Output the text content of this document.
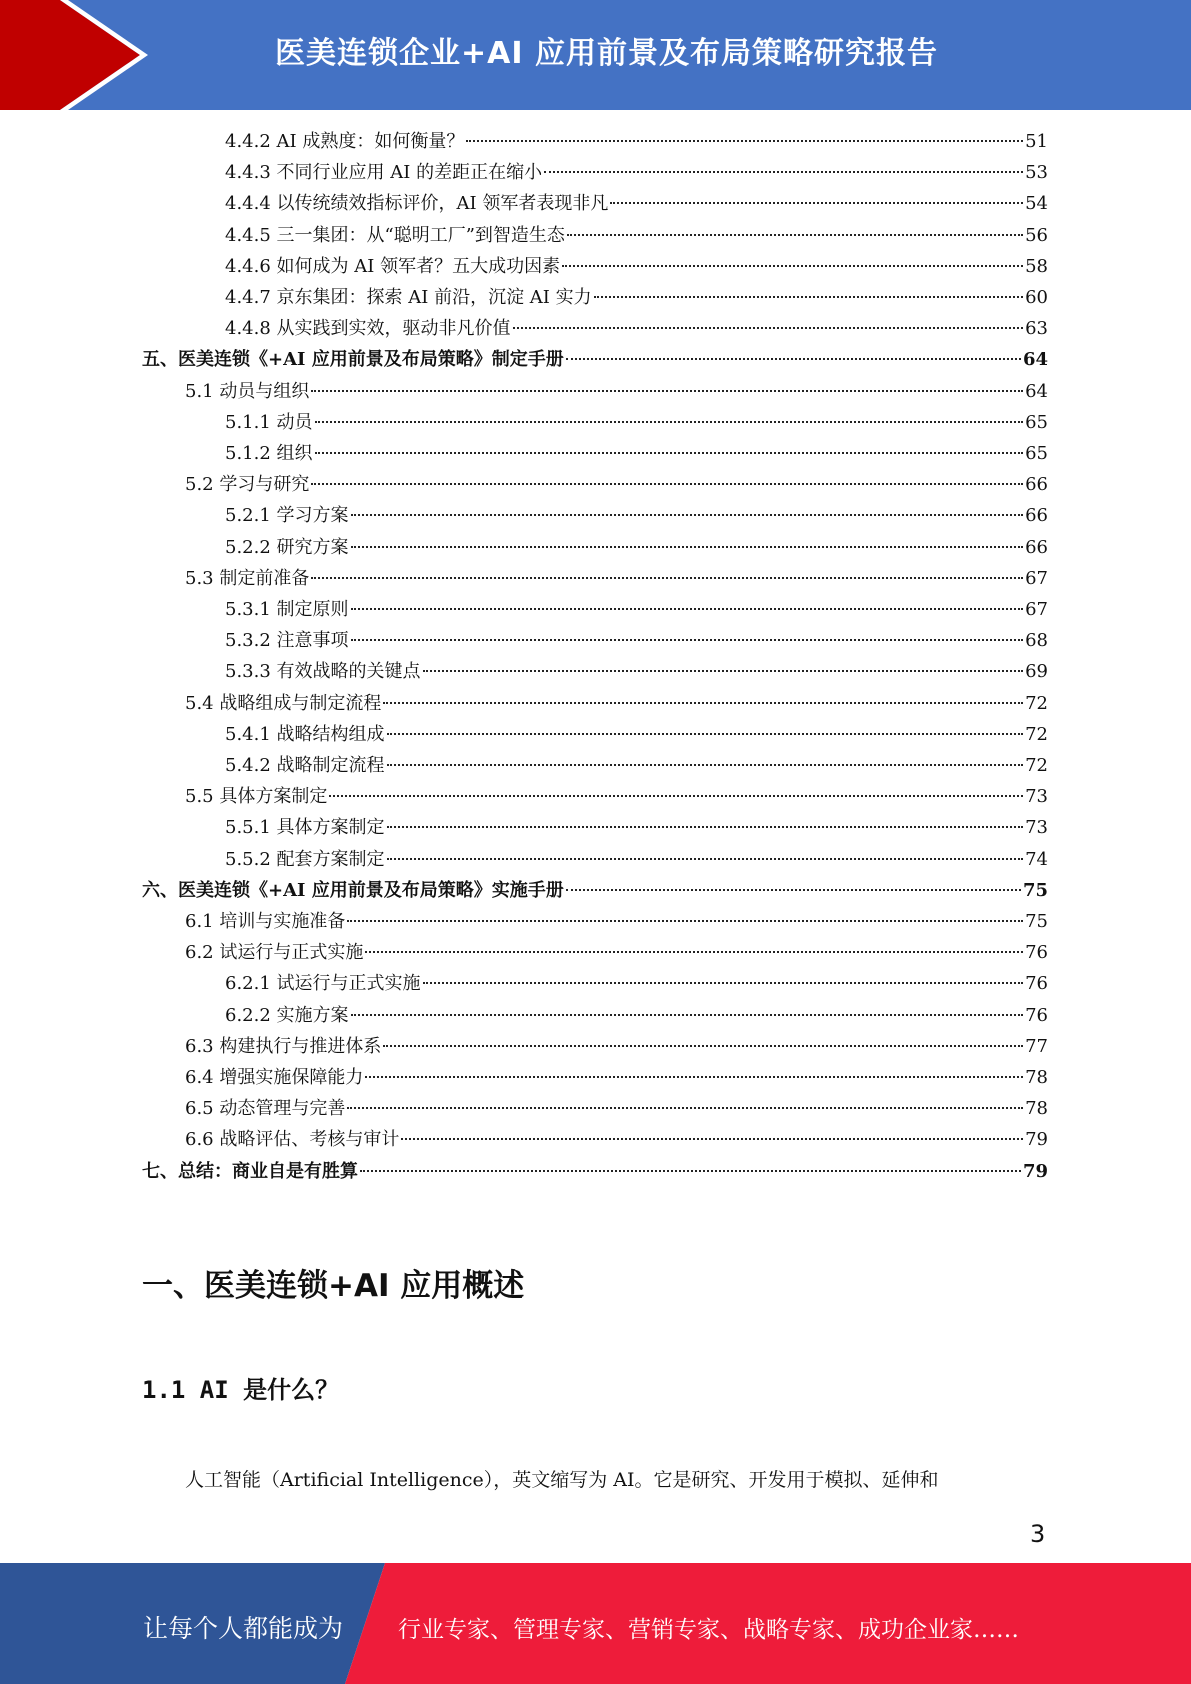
医美连锁企业+AI 应用前景及布局策略研究报告
4.4.2 AI 成熟度：如何衡量？	51
4.4.3 不同行业应用 AI 的差距正在缩小	53
4.4.4 以传统绩效指标评价，AI 领军者表现非凡	54
4.4.5 三一集团：从“聪明工厂”到智造生态	56
4.4.6 如何成为 AI 领军者？五大成功因素	58
4.4.7 京东集团：探索 AI 前沿，沉淀 AI 实力	60
4.4.8 从实践到实效，驱动非凡价值	63
五、医美连锁《+AI 应用前景及布局策略》制定手册	64
5.1 动员与组织	64
5.1.1 动员	65
5.1.2 组织	65
5.2 学习与研究	66
5.2.1 学习方案	66
5.2.2 研究方案	66
5.3 制定前准备	67
5.3.1 制定原则	67
5.3.2 注意事项	68
5.3.3 有效战略的关键点	69
5.4 战略组成与制定流程	72
5.4.1 战略结构组成	72
5.4.2 战略制定流程	72
5.5 具体方案制定	73
5.5.1 具体方案制定	73
5.5.2 配套方案制定	74
六、医美连锁《+AI 应用前景及布局策略》实施手册	75
6.1 培训与实施准备	75
6.2 试运行与正式实施	76
6.2.1 试运行与正式实施	76
6.2.2 实施方案	76
6.3 构建执行与推进体系	77
6.4 增强实施保障能力	78
6.5 动态管理与完善	78
6.6 战略评估、考核与审计	79
七、总结：商业自是有胜算	79
一、医美连锁+AI 应用概述
1.1 AI 是什么？
人工智能（Artificial Intelligence），英文缩写为 AI。它是研究、开发用于模拟、延伸和
3
让每个人都能成为 行业专家、管理专家、营销专家、战略专家、成功企业家……
